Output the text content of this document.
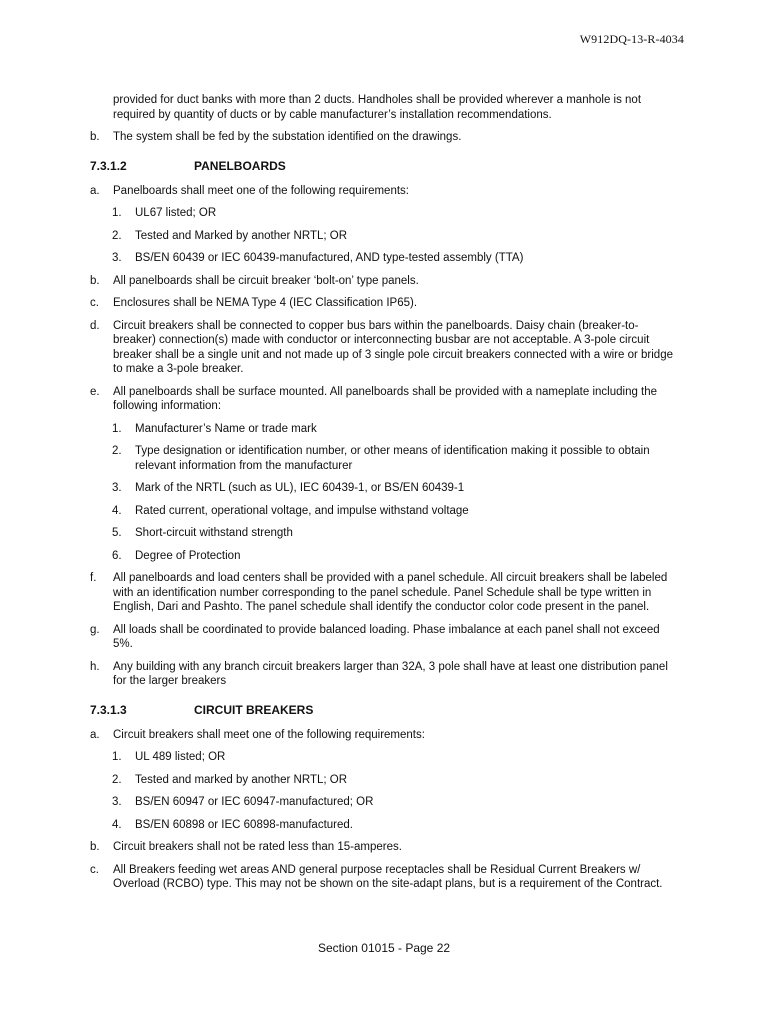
W912DQ-13-R-4034
provided for duct banks with more than 2 ducts. Handholes shall be provided wherever a manhole is not required by quantity of ducts or by cable manufacturer’s installation recommendations.
b. The system shall be fed by the substation identified on the drawings.
7.3.1.2	PANELBOARDS
a. Panelboards shall meet one of the following requirements:
1. UL67 listed; OR
2. Tested and Marked by another NRTL; OR
3. BS/EN 60439 or IEC 60439-manufactured, AND type-tested assembly (TTA)
b. All panelboards shall be circuit breaker ‘bolt-on’ type panels.
c. Enclosures shall be NEMA Type 4 (IEC Classification IP65).
d. Circuit breakers shall be connected to copper bus bars within the panelboards. Daisy chain (breaker-to-breaker) connection(s) made with conductor or interconnecting busbar are not acceptable. A 3-pole circuit breaker shall be a single unit and not made up of 3 single pole circuit breakers connected with a wire or bridge to make a 3-pole breaker.
e. All panelboards shall be surface mounted. All panelboards shall be provided with a nameplate including the following information:
1. Manufacturer’s Name or trade mark
2. Type designation or identification number, or other means of identification making it possible to obtain relevant information from the manufacturer
3. Mark of the NRTL (such as UL), IEC 60439-1, or BS/EN 60439-1
4. Rated current, operational voltage, and impulse withstand voltage
5. Short-circuit withstand strength
6. Degree of Protection
f. All panelboards and load centers shall be provided with a panel schedule. All circuit breakers shall be labeled with an identification number corresponding to the panel schedule. Panel Schedule shall be type written in English, Dari and Pashto. The panel schedule shall identify the conductor color code present in the panel.
g. All loads shall be coordinated to provide balanced loading. Phase imbalance at each panel shall not exceed 5%.
h. Any building with any branch circuit breakers larger than 32A, 3 pole shall have at least one distribution panel for the larger breakers
7.3.1.3	CIRCUIT BREAKERS
a. Circuit breakers shall meet one of the following requirements:
1. UL 489 listed; OR
2. Tested and marked by another NRTL; OR
3. BS/EN 60947 or IEC 60947-manufactured; OR
4. BS/EN 60898 or IEC 60898-manufactured.
b. Circuit breakers shall not be rated less than 15-amperes.
c. All Breakers feeding wet areas AND general purpose receptacles shall be Residual Current Breakers w/ Overload (RCBO) type. This may not be shown on the site-adapt plans, but is a requirement of the Contract.
Section 01015 - Page 22
